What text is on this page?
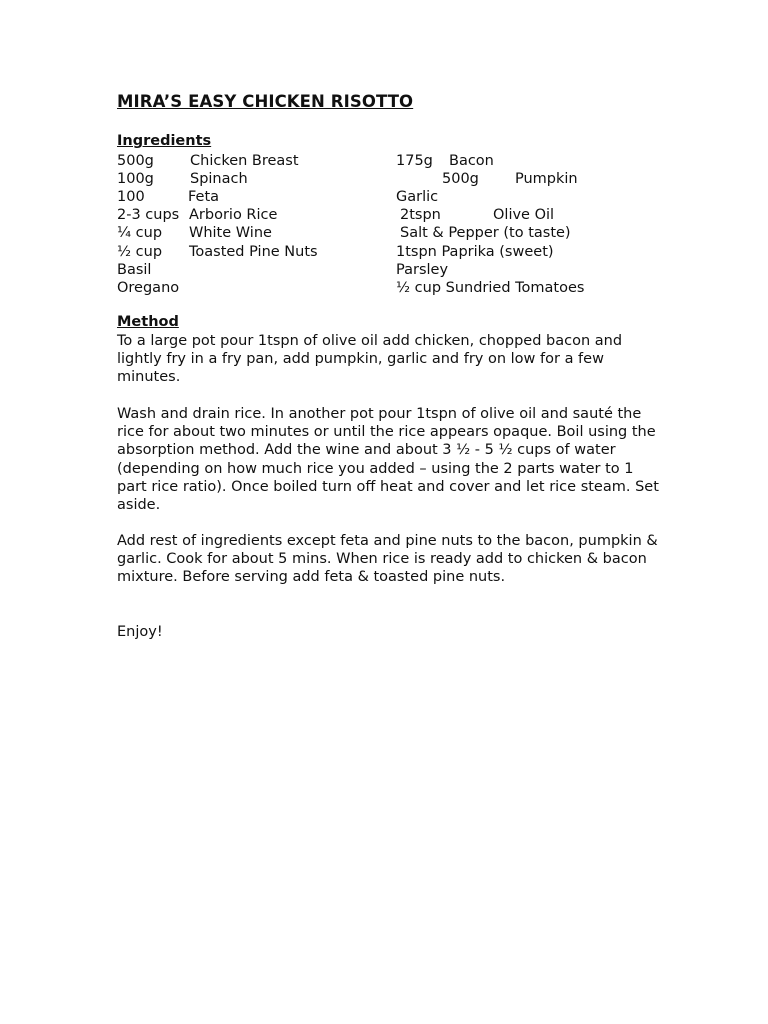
MIRA’S EASY CHICKEN RISOTTO
Ingredients

500g

Chicken Breast

100g

Spinach

100

	Feta

2-3 cups

Arborio Rice

¼ cup

White Wine

½ cup

Toasted Pine Nuts

Basil

Oregano

175g

Bacon

500g

Pumpkin

Garlic

2tspn

	Olive Oil

Salt & Pepper (to taste)

1tspn Paprika (sweet)

Parsley

½ cup Sundried Tomatoes

Method

To a large pot pour 1tspn of olive oil add chicken, chopped bacon and lightly fry in a fry pan, add pumpkin, garlic and fry on low for a few minutes.

Wash and drain rice. In another pot pour 1tspn of olive oil and sauté the rice for about two minutes or until the rice appears opaque. Boil using the absorption method. Add the wine and about 3 ½ - 5 ½ cups of water (depending on how much rice you added – using the 2 parts water to 1 part rice ratio). Once boiled turn off heat and cover and let rice steam. Set aside.

Add rest of ingredients except feta and pine nuts to the bacon, pumpkin & garlic. Cook for about 5 mins. When rice is ready add to chicken & bacon mixture. Before serving add feta & toasted pine nuts.

Enjoy!
